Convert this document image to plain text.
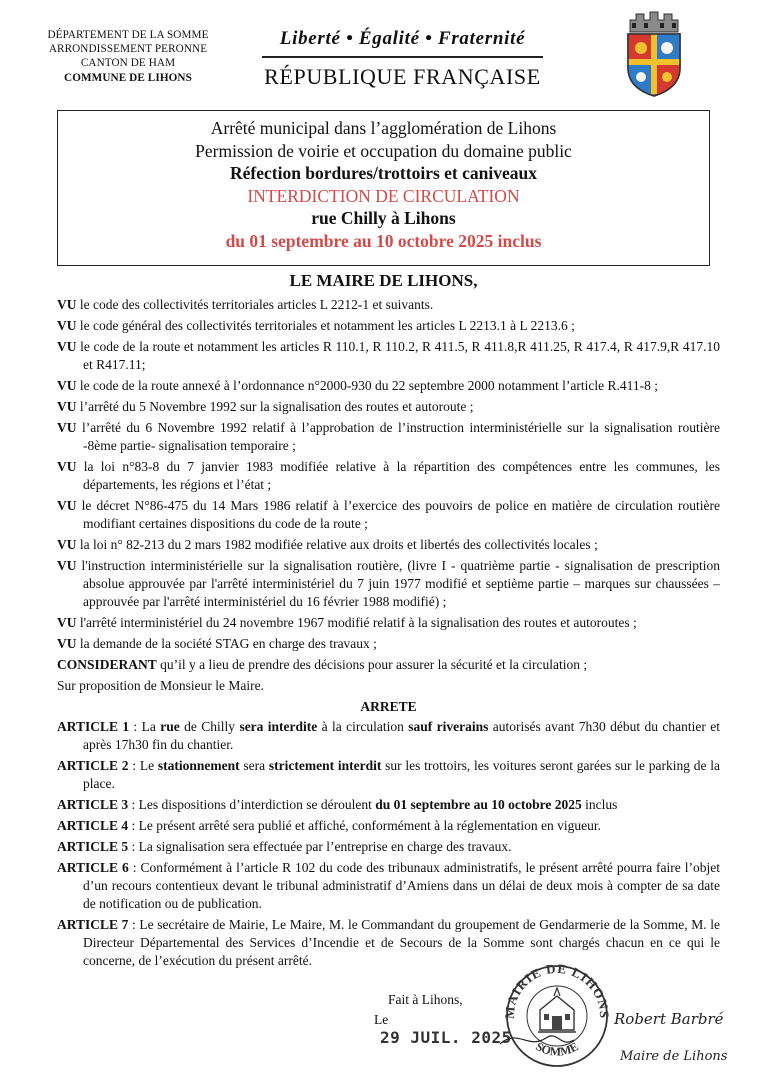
DÉPARTEMENT DE LA SOMME
ARRONDISSEMENT PERONNE
CANTON DE HAM
COMMUNE DE LIHONS
Liberté • Égalité • Fraternité
RÉPUBLIQUE FRANÇAISE
Arrêté municipal dans l’agglomération de Lihons
Permission de voirie et occupation du domaine public
Réfection bordures/trottoirs et caniveaux
INTERDICTION DE CIRCULATION
rue Chilly à Lihons
du 01 septembre au 10 octobre 2025 inclus
LE MAIRE DE LIHONS,
VU le code des collectivités territoriales articles L 2212-1 et suivants.
VU le code général des collectivités territoriales et notamment les articles L 2213.1 à L 2213.6 ;
VU le code de la route et notamment les articles R 110.1, R 110.2, R 411.5, R 411.8,R 411.25, R 417.4, R 417.9,R 417.10 et R417.11;
VU le code de la route annexé à l’ordonnance n°2000-930 du 22 septembre 2000 notamment l’article R.411-8 ;
VU l’arrêté du 5 Novembre 1992 sur la signalisation des routes et autoroute ;
VU l’arrêté du 6 Novembre 1992 relatif à l’approbation de l’instruction interministérielle sur la signalisation routière -8ème partie- signalisation temporaire ;
VU la loi n°83-8 du 7 janvier 1983 modifiée relative à la répartition des compétences entre les communes, les départements, les régions et l’état ;
VU le décret N°86-475 du 14 Mars 1986 relatif à l’exercice des pouvoirs de police en matière de circulation routière modifiant certaines dispositions du code de la route ;
VU la loi n° 82-213 du 2 mars 1982 modifiée relative aux droits et libertés des collectivités locales ;
VU l'instruction interministérielle sur la signalisation routière, (livre I - quatrième partie - signalisation de prescription absolue approuvée par l'arrêté interministériel du 7 juin 1977 modifié et septième partie – marques sur chaussées – approuvée par l'arrêté interministériel du 16 février 1988 modifié) ;
VU l'arrêté interministériel du 24 novembre 1967 modifié relatif à la signalisation des routes et autoroutes ;
VU la demande de la société STAG en charge des travaux ;
CONSIDERANT qu’il y a lieu de prendre des décisions pour assurer la sécurité et la circulation ;
Sur proposition de Monsieur le Maire.
ARRETE
ARTICLE 1 : La rue de Chilly sera interdite à la circulation sauf riverains autorisés avant 7h30 début du chantier et après 17h30 fin du chantier.
ARTICLE 2 : Le stationnement sera strictement interdit sur les trottoirs, les voitures seront garées sur le parking de la place.
ARTICLE 3 : Les dispositions d’interdiction se déroulent du 01 septembre au 10 octobre 2025 inclus
ARTICLE 4 : Le présent arrêté sera publié et affiché, conformément à la réglementation en vigueur.
ARTICLE 5 : La signalisation sera effectuée par l’entreprise en charge des travaux.
ARTICLE 6 : Conformément à l’article R 102 du code des tribunaux administratifs, le présent arrêté pourra faire l’objet d’un recours contentieux devant le tribunal administratif d’Amiens dans un délai de deux mois à compter de sa date de notification ou de publication.
ARTICLE 7 : Le secrétaire de Mairie, Le Maire, M. le Commandant du groupement de Gendarmerie de la Somme, M. le Directeur Départemental des Services d’Incendie et de Secours de la Somme sont chargés chacun en ce qui le concerne, de l’exécution du présent arrêté.
Fait à Lihons,
Le
29 JUIL. 2025
MAIRIE DE LIHONS
SOMME
Robert Barbré
Maire de Lihons
